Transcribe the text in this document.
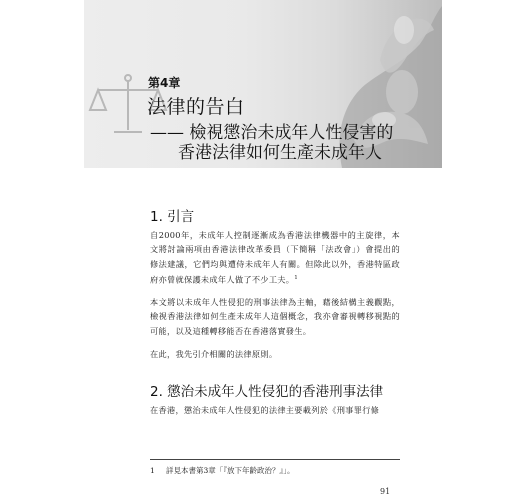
第4章
法律的告白
—— 檢視懲治未成年人性侵害的
香港法律如何生產未成年人
1. 引言

自2000年，未成年人控制逐漸成為香港法律機器中的主旋律，本文將討論兩項由香港法律改革委員（下簡稱「法改會」）會提出的修法建議，它們均與遭侍未成年人有關。但除此以外，香港特區政府亦曾就保護未成年人做了不少工夫。$^1$

本文將以未成年人性侵犯的刑事法律為主軸，藉後結構主義觀點，檢視香港法律如何生產未成年人這個概念，我亦會審視轉移視點的可能，以及這種轉移能否在香港落實發生。

在此，我先引介相關的法律原則。

2. 懲治未成年人性侵犯的香港刑事法律

在香港，懲治未成年人性侵犯的法律主要載列於《刑事罪行條

1 詳見本書第3章「『放下年齡政治？』」。
91
